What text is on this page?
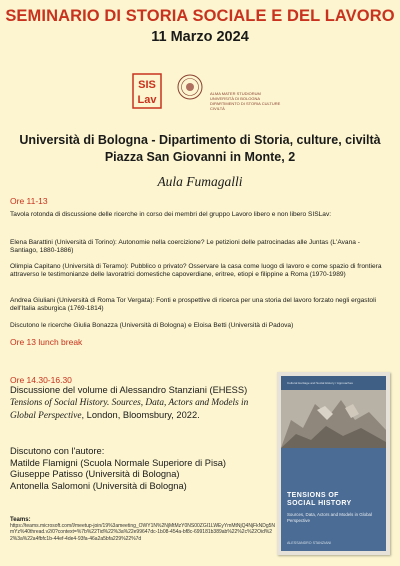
SEMINARIO DI STORIA SOCIALE E DEL LAVORO
11 Marzo 2024
SIS
Lav
ALMA MATER STUDIORUM
UNIVERSITÀ DI BOLOGNA
DIPARTIMENTO DI STORIA CULTURE CIVILTÀ
Università di Bologna - Dipartimento di Storia, culture, civiltà
Piazza San Giovanni in Monte, 2
Aula Fumagalli
Ore 11-13
Tavola rotonda di discussione delle ricerche in corso dei membri del gruppo Lavoro libero e non libero SISLav:
Elena Barattini (Università di Torino): Autonomie nella coercizione? Le petizioni delle patrocinadas alle Juntas (L'Avana - Santiago, 1880-1886)
Olimpia Capitano (Università di Teramo): Pubblico o privato? Osservare la casa come luogo di lavoro e come spazio di frontiera attraverso le testimonianze delle lavoratrici domestiche capoverdiane, eritree, etiopi e filippine a Roma (1970-1989)
Andrea Giuliani (Università di Roma Tor Vergata): Fonti e prospettive di ricerca per una storia del lavoro forzato negli ergastoli dell'Italia asburgica (1769-1814)
Discutono le ricerche Giulia Bonazza (Università di Bologna) e Eloisa Betti (Università di Padova)
Ore 13 lunch break
Ore 14.30-16.30
Discussione del volume di Alessandro Stanziani (EHESS)
Tensions of Social History. Sources, Data, Actors and Models in Global Perspective, London, Bloomsbury, 2022.
Discutono con l'autore:
Matilde Flamigni (Scuola Normale Superiore di Pisa)
Giuseppe Patisso (Università di Bologna)
Antonella Salomoni (Università di Bologna)
Teams:
https://teams.microsoft.com/l/meetup-join/19%3ameeting_OWY1N%2NjMtMzY0NS00ZGI1LWEyYmMtNjQ4NjFkNDg5NmYz%40thread.v2/0?context=%7b%22Tid%22%3a%22e99647dc-1b08-454a-bf8c-699181b389ab%22%2c%22Oid%22%3a%22a4fbfc1b-44ef-4de4-93fa-46a2a5bfa229%22%7d
Cultural Heritage and Social History / Approaches
TENSIONS OF
SOCIAL HISTORY
Sources, Data, Actors and Models in Global Perspective
ALESSANDRO STANZIANI
